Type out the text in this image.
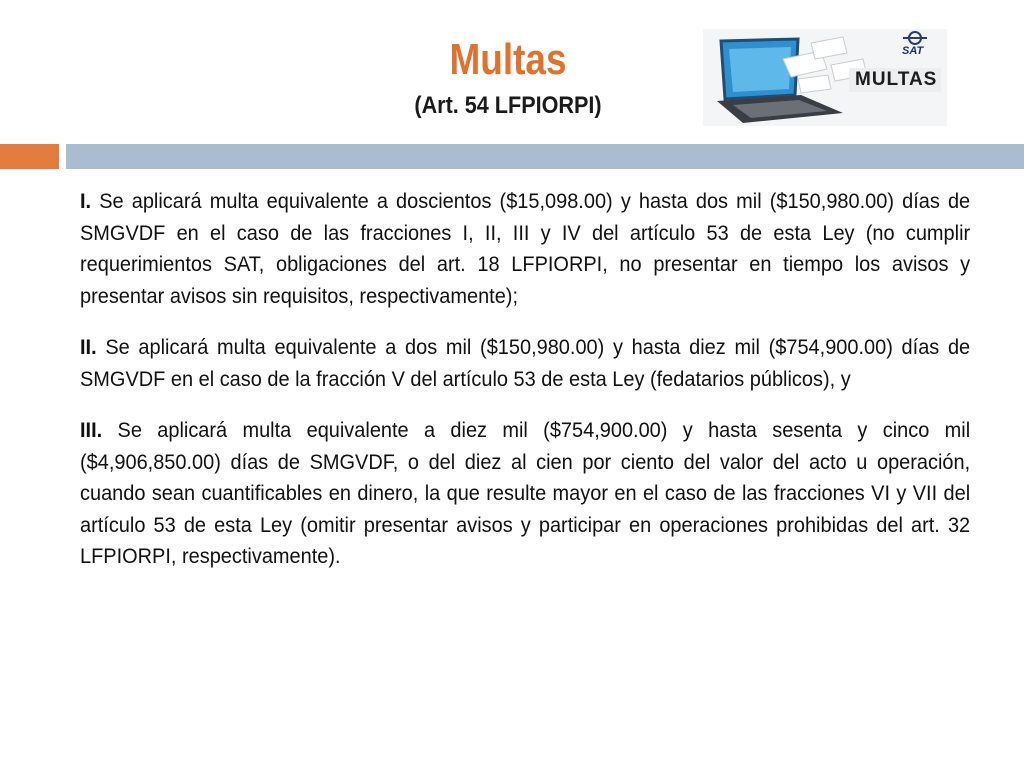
Multas
(Art. 54 LFPIORPI)
SAT
MULTAS

I. Se aplicará multa equivalente a doscientos ($15,098.00) y hasta dos mil ($150,980.00) días de SMGVDF en el caso de las fracciones I, II, III y IV del artículo 53 de esta Ley (no cumplir requerimientos SAT, obligaciones del art. 18 LFPIORPI, no presentar en tiempo los avisos y presentar avisos sin requisitos, respectivamente);

II. Se aplicará multa equivalente a dos mil ($150,980.00) y hasta diez mil ($754,900.00) días de SMGVDF en el caso de la fracción V del artículo 53 de esta Ley (fedatarios públicos), y

III. Se aplicará multa equivalente a diez mil ($754,900.00) y hasta sesenta y cinco mil ($4,906,850.00) días de SMGVDF, o del diez al cien por ciento del valor del acto u operación, cuando sean cuantificables en dinero, la que resulte mayor en el caso de las fracciones VI y VII del artículo 53 de esta Ley (omitir presentar avisos y participar en operaciones prohibidas del art. 32 LFPIORPI, respectivamente).
